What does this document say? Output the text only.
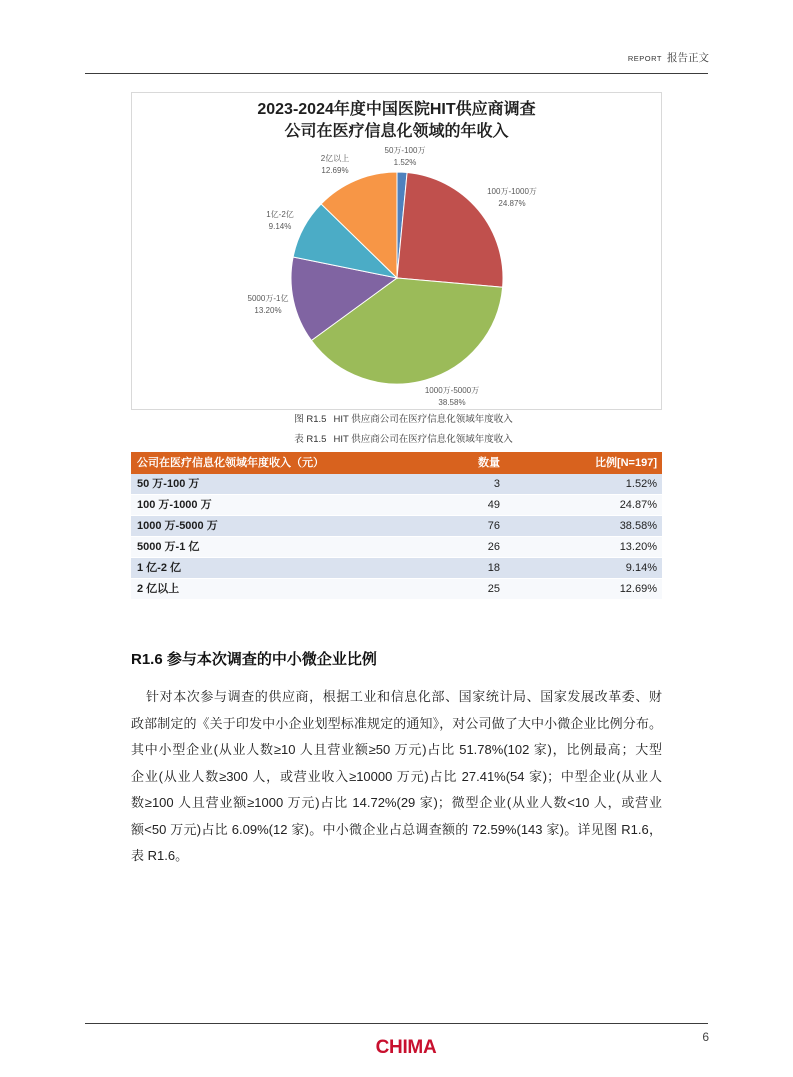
REPORT 报告正文
50万-100万
1.52%
100万-1000万
24.87%
1000万-5000万
38.58%
5000万-1亿
13.20%
1亿-2亿
9.14%
2亿以上
12.69%
2023-2024年度中国医院HIT供应商调查
公司在医疗信息化领域的年收入
图 R1.5 HIT 供应商公司在医疗信息化领域年度收入
表 R1.5 HIT 供应商公司在医疗信息化领域年度收入
公司在医疗信息化领域年度收入（元）	数量	比例[N=197]
50 万-100 万	3	1.52%
100 万-1000 万	49	24.87%
1000 万-5000 万	76	38.58%
5000 万-1 亿	26	13.20%
1 亿-2 亿	18	9.14%
2 亿以上	25	12.69%
R1.6 参与本次调查的中小微企业比例
针对本次参与调查的供应商，根据工业和信息化部、国家统计局、国家发展改革委、财
政部制定的《关于印发中小企业划型标准规定的通知》，对公司做了大中小微企业比例分布。
其中小型企业(从业人数≥10 人且营业额≥50 万元)占比 51.78%(102 家)，比例最高；大型
企业(从业人数≥300 人，或营业收入≥10000 万元)占比 27.41%(54 家)；中型企业(从业人
数≥100 人且营业额≥1000 万元)占比 14.72%(29 家)；微型企业(从业人数<10 人，或营业
额<50 万元)占比 6.09%(12 家)。中小微企业占总调查额的 72.59%(143 家)。详见图 R1.6，
表 R1.6。
CHIMA	6
